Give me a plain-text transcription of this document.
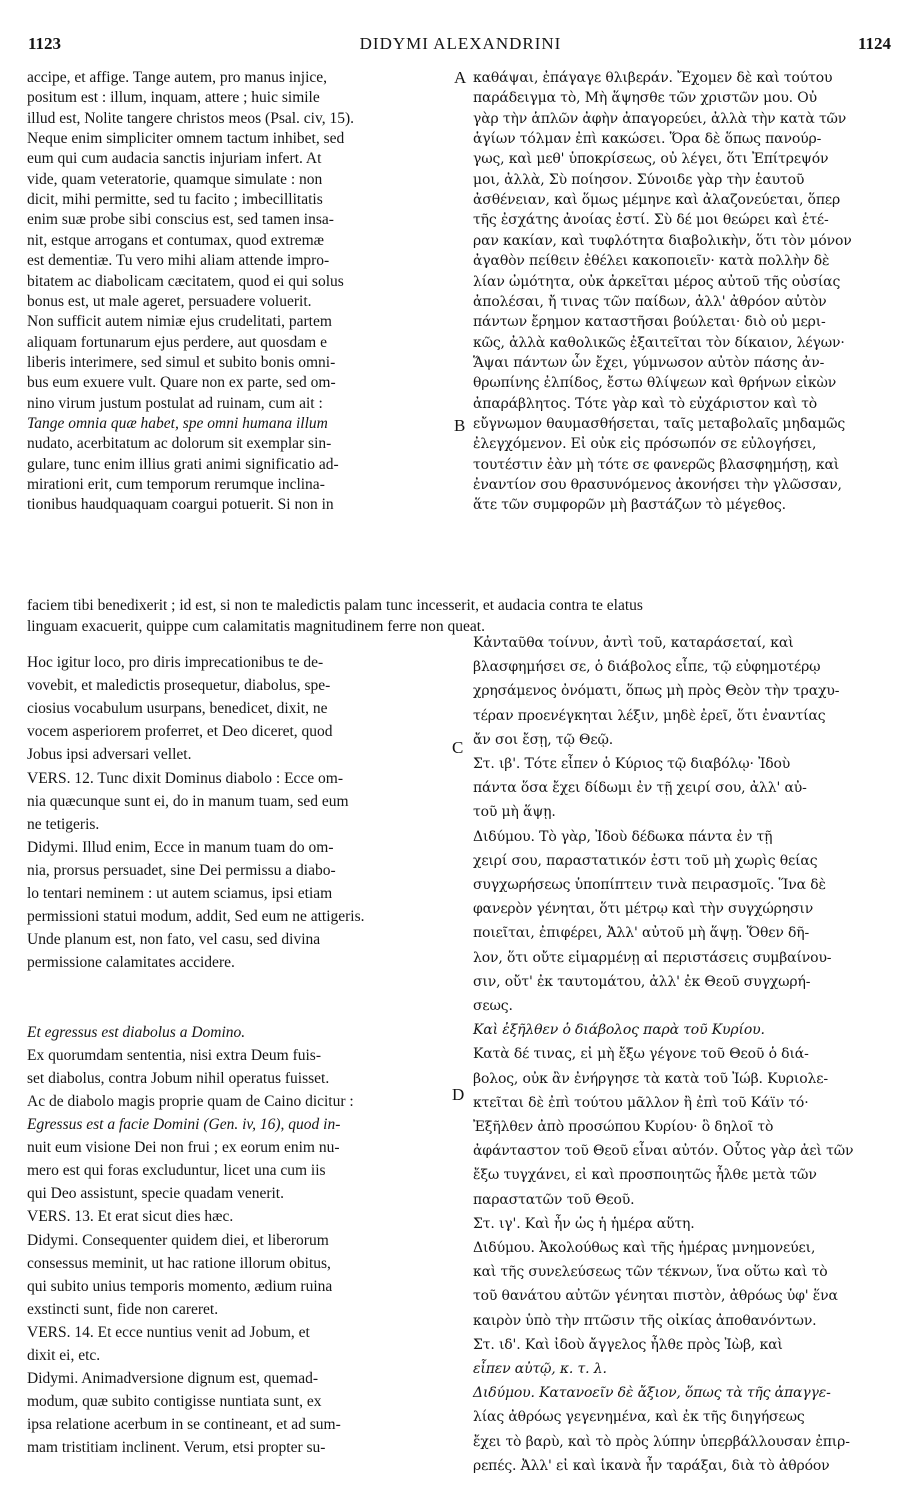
1123	DIDYMI ALEXANDRINI	1124
accipe, et affige. Tange autem, pro manus injice,
positum est : illum, inquam, attere ; huic simile
illud est, Nolite tangere christos meos (Psal. civ, 15).
Neque enim simpliciter omnem tactum inhibet, sed
eum qui cum audacia sanctis injuriam infert. At
vide, quam veteratorie, quamque simulate : non
dicit, mihi permitte, sed tu facito ; imbecillitatis
enim suæ probe sibi conscius est, sed tamen insa-
nit, estque arrogans et contumax, quod extremæ
est dementiæ. Tu vero mihi aliam attende impro-
bitatem ac diabolicam cæcitatem, quod ei qui solus
bonus est, ut male ageret, persuadere voluerit.
Non sufficit autem nimiæ ejus crudelitati, partem
aliquam fortunarum ejus perdere, aut quosdam e
liberis interimere, sed simul et subito bonis omni-
bus eum exuere vult. Quare non ex parte, sed om-
nino virum justum postulat ad ruinam, cum ait :
Tange omnia quæ habet, spe omni humana illum
nudato, acerbitatum ac dolorum sit exemplar sin-
gulare, tunc enim illius grati animi significatio ad-
mirationi erit, cum temporum rerumque inclina-
tionibus haudquaquam coargui potuerit. Si non in
καθάψαι, ἐπάγαγε θλιβεράν. Ἔχομεν δὲ καὶ τούτου
παράδειγμα τὸ, Μὴ ἅψησθε τῶν χριστῶν μου. Οὐ
γὰρ τὴν ἁπλῶν ἀφὴν ἀπαγορεύει, ἀλλὰ τὴν κατὰ τῶν
ἁγίων τόλμαν ἐπὶ κακώσει. Ὅρα δὲ ὅπως πανούρ-
γως, καὶ μεθ' ὑποκρίσεως, οὐ λέγει, ὅτι Ἐπίτρεψόν
μοι, ἀλλὰ, Σὺ ποίησον. Σύνοιδε γὰρ τὴν ἑαυτοῦ
ἀσθένειαν, καὶ ὅμως μέμηνε καὶ ἀλαζονεύεται, ὅπερ
τῆς ἐσχάτης ἀνοίας ἐστί. Σὺ δέ μοι θεώρει καὶ ἑτέ-
ραν κακίαν, καὶ τυφλότητα διαβολικὴν, ὅτι τὸν μόνον
ἀγαθὸν πείθειν ἐθέλει κακοποιεῖν· κατὰ πολλὴν δὲ
λίαν ὠμότητα, οὐκ ἀρκεῖται μέρος αὐτοῦ τῆς οὐσίας
ἀπολέσαι, ἤ τινας τῶν παίδων, ἀλλ' ἀθρόον αὐτὸν
πάντων ἔρημον καταστῆσαι βούλεται· διὸ οὐ μερι-
κῶς, ἀλλὰ καθολικῶς ἐξαιτεῖται τὸν δίκαιον, λέγων·
Ἅψαι πάντων ὧν ἔχει, γύμνωσον αὐτὸν πάσης ἀν-
θρωπίνης ἐλπίδος, ἔστω θλίψεων καὶ θρήνων εἰκὼν
ἀπαράβλητος. Τότε γὰρ καὶ τὸ εὐχάριστον καὶ τὸ
εὔγνωμον θαυμασθήσεται, ταῖς μεταβολαῖς μηδαμῶς
ἐλεγχόμενον. Εἰ οὐκ εἰς πρόσωπόν σε εὐλογήσει,
τουτέστιν ἐὰν μὴ τότε σε φανερῶς βλασφημήσῃ, καὶ
ἐναντίον σου θρασυνόμενος ἀκονήσει τὴν γλῶσσαν,
ἅτε τῶν συμφορῶν μὴ βαστάζων τὸ μέγεθος.
faciem tibi benedixerit ; id est, si non te maledictis palam tunc incesserit, et audacia contra te elatus
linguam exacuerit, quippe cum calamitatis magnitudinem ferre non queat.
Hoc igitur loco, pro diris imprecationibus te de-
vovebit, et maledictis prosequetur, diabolus, spe-
ciosius vocabulum usurpans, benedicet, dixit, ne
vocem asperiorem proferret, et Deo diceret, quod
Jobus ipsi adversari vellet.
VERS. 12. Tunc dixit Dominus diabolo : Ecce om-
nia quæcunque sunt ei, do in manum tuam, sed eum
ne tetigeris.
Didymi. Illud enim, Ecce in manum tuam do om-
nia, prorsus persuadet, sine Dei permissu a diabo-
lo tentari neminem : ut autem sciamus, ipsi etiam
permissioni statui modum, addit, Sed eum ne attigeris.
Unde planum est, non fato, vel casu, sed divina
permissione calamitates accidere.
Et egressus est diabolus a Domino.
Ex quorumdam sententia, nisi extra Deum fuis-
set diabolus, contra Jobum nihil operatus fuisset.
Ac de diabolo magis proprie quam de Caino dicitur :
Egressus est a facie Domini (Gen. iv, 16), quod in-
nuit eum visione Dei non frui ; ex eorum enim nu-
mero est qui foras excluduntur, licet una cum iis
qui Deo assistunt, specie quadam venerit.
VERS. 13. Et erat sicut dies hæc.
Didymi. Consequenter quidem diei, et liberorum
consessus meminit, ut hac ratione illorum obitus,
qui subito unius temporis momento, ædium ruina
exstincti sunt, fide non careret.
VERS. 14. Et ecce nuntius venit ad Jobum, et
dixit ei, etc.
Didymi. Animadversione dignum est, quemad-
modum, quæ subito contigisse nuntiata sunt, ex
ipsa relatione acerbum in se contineant, et ad sum-
mam tristitiam inclinent. Verum, etsi propter su-
Κἀνταῦθα τοίνυν, ἀντὶ τοῦ, καταράσεταί, καὶ
βλασφημήσει σε, ὁ διάβολος εἶπε, τῷ εὐφημοτέρῳ
χρησάμενος ὀνόματι, ὅπως μὴ πρὸς Θεὸν τὴν τραχυ-
τέραν προενέγκηται λέξιν, μηδὲ ἐρεῖ, ὅτι ἐναντίας
ἄν σοι ἔσῃ, τῷ Θεῷ.
Στ. ιβ'. Τότε εἶπεν ὁ Κύριος τῷ διαβόλῳ· Ἰδοὺ
πάντα ὅσα ἔχει δίδωμι ἐν τῇ χειρί σου, ἀλλ' αὐ-
τοῦ μὴ ἅψῃ.
Διδύμου. Τὸ γὰρ, Ἰδοὺ δέδωκα πάντα ἐν τῇ
χειρί σου, παραστατικόν ἐστι τοῦ μὴ χωρὶς θείας
συγχωρήσεως ὑποπίπτειν τινὰ πειρασμοῖς. Ἵνα δὲ
φανερὸν γένηται, ὅτι μέτρῳ καὶ τὴν συγχώρησιν
ποιεῖται, ἐπιφέρει, Ἀλλ' αὐτοῦ μὴ ἅψῃ. Ὅθεν δῆ-
λον, ὅτι οὔτε εἱμαρμένῃ αἱ περιστάσεις συμβαίνου-
σιν, οὔτ' ἐκ ταυτομάτου, ἀλλ' ἐκ Θεοῦ συγχωρή-
σεως.
Καὶ ἐξῆλθεν ὁ διάβολος παρὰ τοῦ Κυρίου.
Κατὰ δέ τινας, εἰ μὴ ἔξω γέγονε τοῦ Θεοῦ ὁ διά-
βολος, οὐκ ἂν ἐνήργησε τὰ κατὰ τοῦ Ἰώβ. Κυριολε-
κτεῖται δὲ ἐπὶ τούτου μᾶλλον ἢ ἐπὶ τοῦ Κάϊν τό·
Ἐξῆλθεν ἀπὸ προσώπου Κυρίου· ὃ δηλοῖ τὸ
ἀφάνταστον τοῦ Θεοῦ εἶναι αὐτόν. Οὗτος γὰρ ἀεὶ τῶν
ἔξω τυγχάνει, εἰ καὶ προσποιητῶς ἦλθε μετὰ τῶν
παραστατῶν τοῦ Θεοῦ.
Στ. ιγ'. Καὶ ἦν ὡς ἡ ἡμέρα αὕτη.
Διδύμου. Ἀκολούθως καὶ τῆς ἡμέρας μνημονεύει,
καὶ τῆς συνελεύσεως τῶν τέκνων, ἵνα οὕτω καὶ τὸ
τοῦ θανάτου αὐτῶν γένηται πιστὸν, ἀθρόως ὑφ' ἕνα
καιρὸν ὑπὸ τὴν πτῶσιν τῆς οἰκίας ἀποθανόντων.
Στ. ιδ'. Καὶ ἰδοὺ ἄγγελος ἦλθε πρὸς Ἰὼβ, καὶ
εἶπεν αὐτῷ, κ. τ. λ.
Διδύμου. Κατανοεῖν δὲ ἄξιον, ὅπως τὰ τῆς ἀπαγγε-
λίας ἀθρόως γεγενημένα, καὶ ἐκ τῆς διηγήσεως
ἔχει τὸ βαρὺ, καὶ τὸ πρὸς λύπην ὑπερβάλλουσαν ἐπιρ-
ρεπές. Ἀλλ' εἰ καὶ ἱκανὰ ἦν ταράξαι, διὰ τὸ ἀθρόον
A
B
C
D
